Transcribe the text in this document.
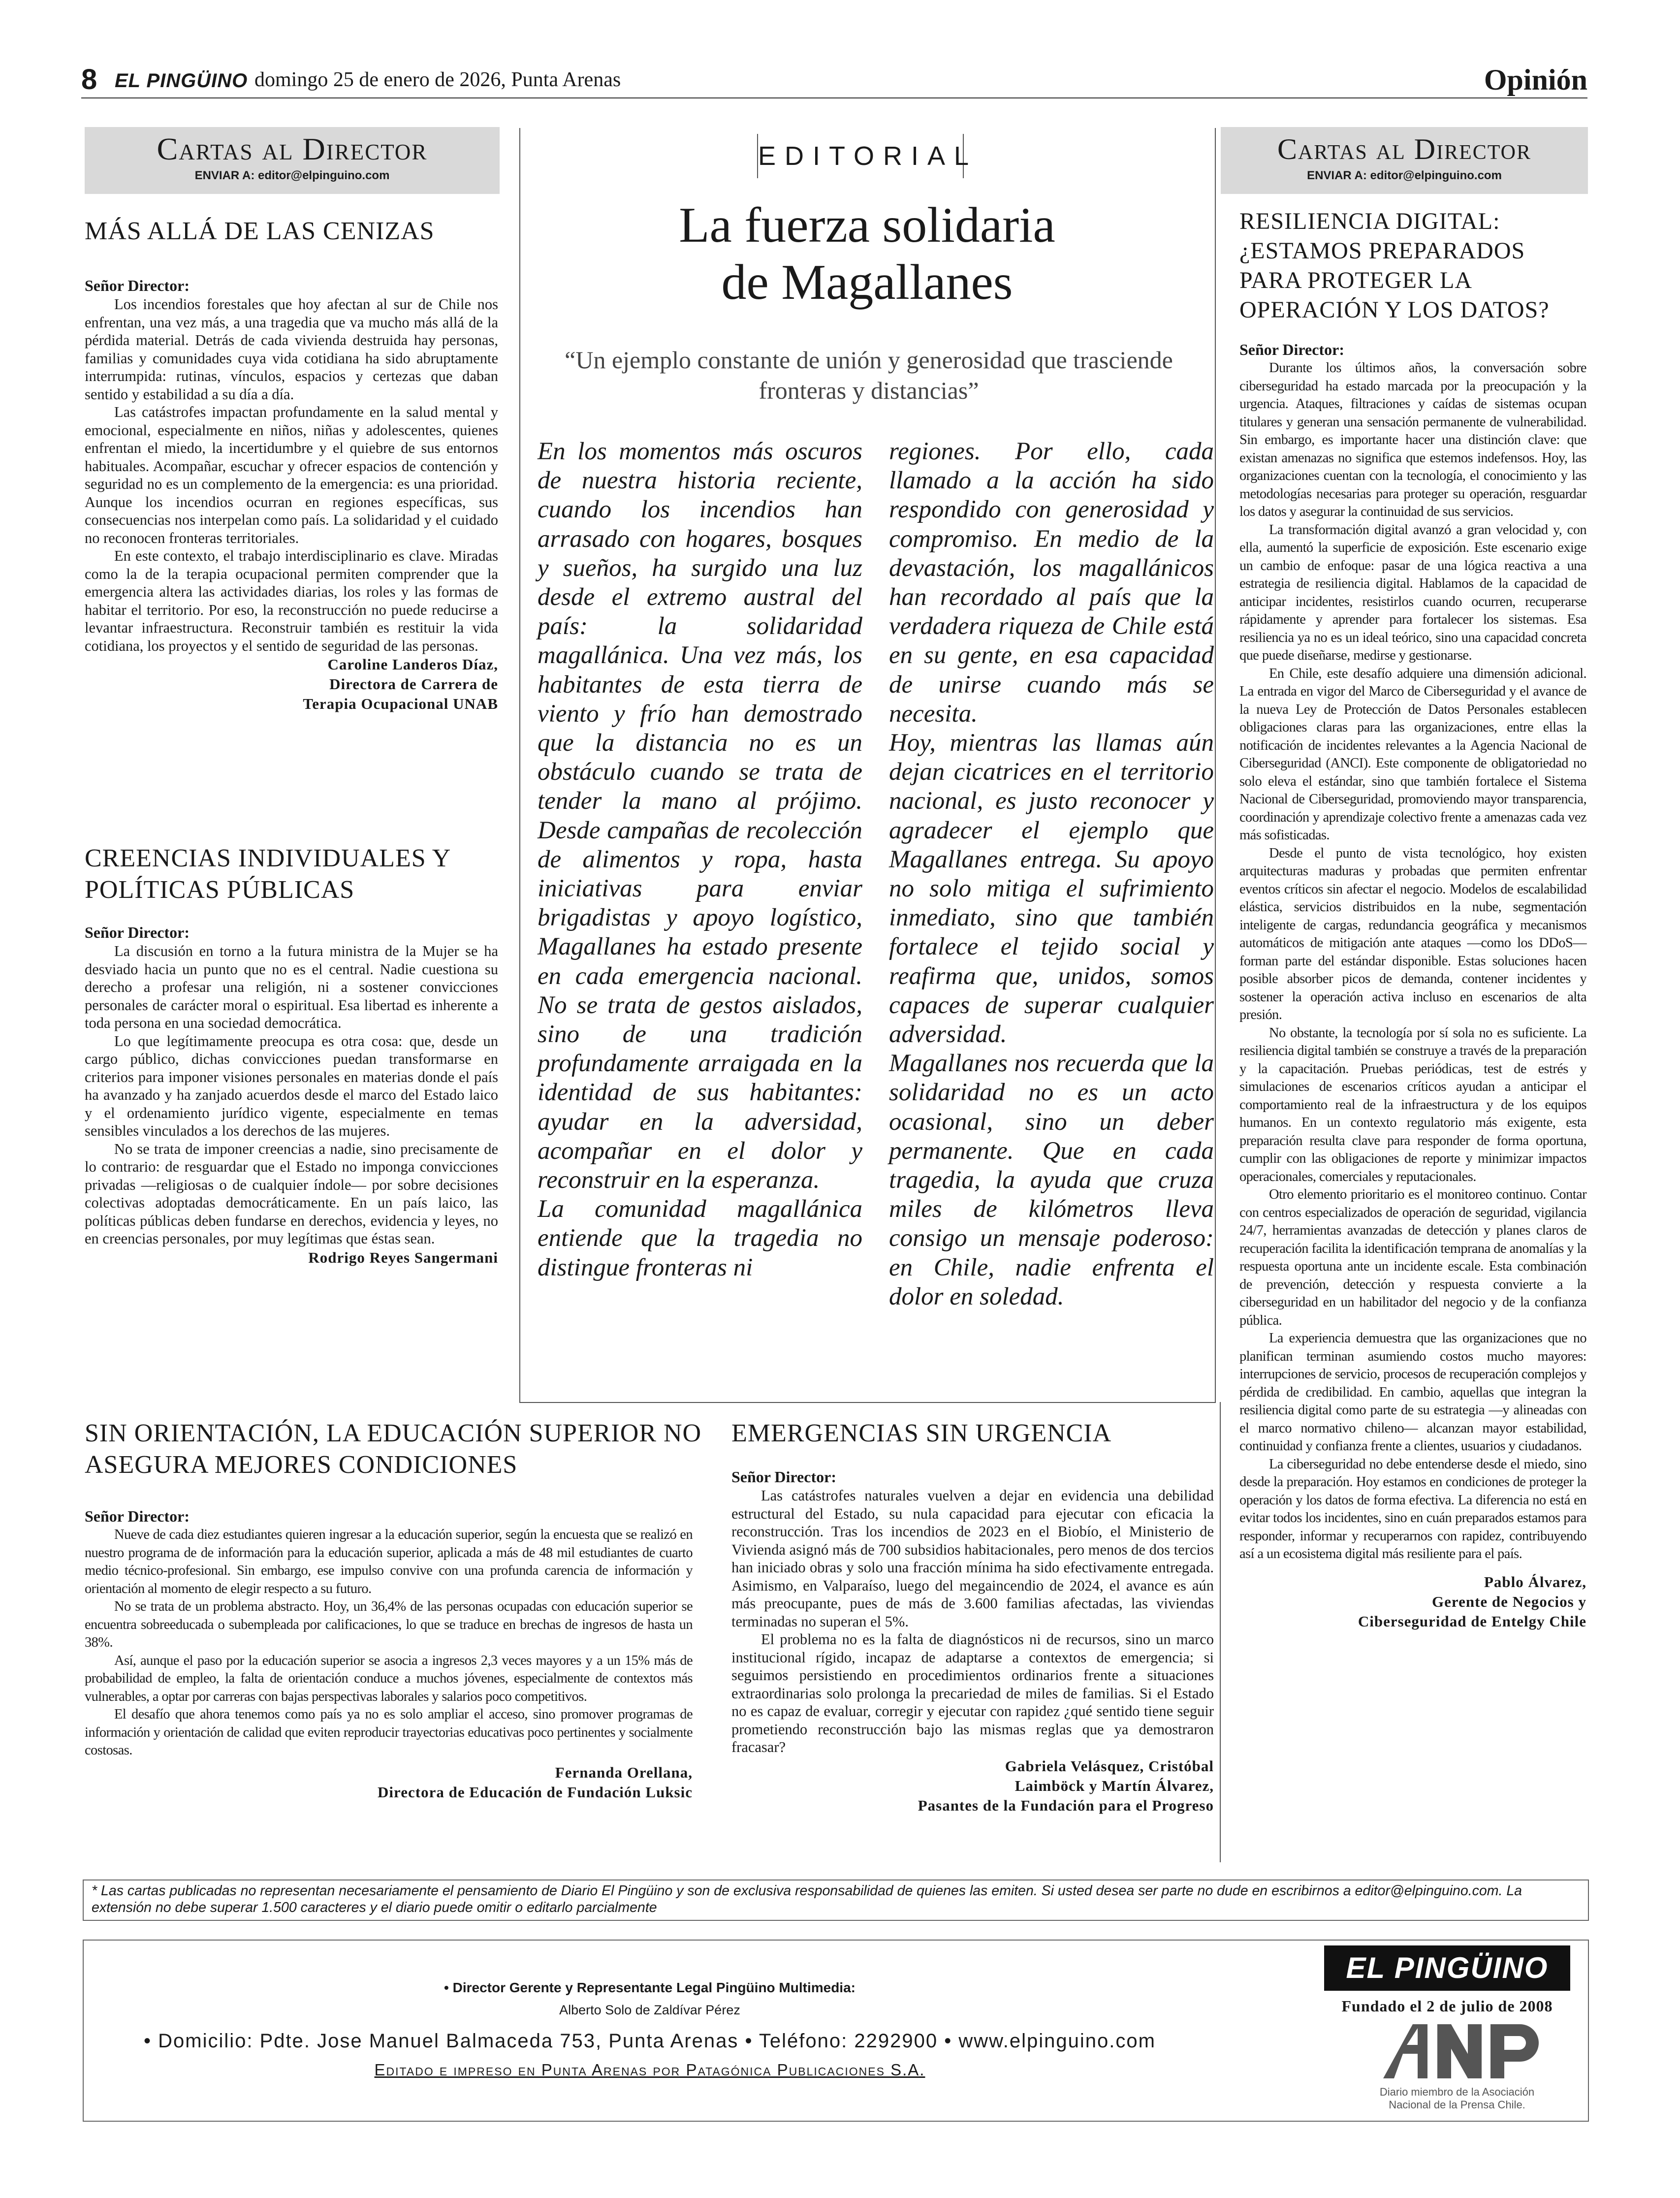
8 EL PINGÜINO domingo 25 de enero de 2026, Punta Arenas	Opinión
Cartas al Director
ENVIAR A: editor@elpinguino.com
MÁS ALLÁ DE LAS CENIZAS
Señor Director:

Los incendios forestales que hoy afectan al sur de Chile nos enfrentan, una vez más, a una tragedia que va mucho más allá de la pérdida material. Detrás de cada vivienda destruida hay personas, familias y comunidades cuya vida cotidiana ha sido abruptamente interrumpida: rutinas, vínculos, espacios y certezas que daban sentido y estabilidad a su día a día.

Las catástrofes impactan profundamente en la salud mental y emocional, especialmente en niños, niñas y adolescentes, quienes enfrentan el miedo, la incertidumbre y el quiebre de sus entornos habituales. Acompañar, escuchar y ofrecer espacios de contención y seguridad no es un complemento de la emergencia: es una prioridad. Aunque los incendios ocurran en regiones específicas, sus consecuencias nos interpelan como país. La solidaridad y el cuidado no reconocen fronteras territoriales.

En este contexto, el trabajo interdisciplinario es clave. Miradas como la de la terapia ocupacional permiten comprender que la emergencia altera las actividades diarias, los roles y las formas de habitar el territorio. Por eso, la reconstrucción no puede reducirse a levantar infraestructura. Reconstruir también es restituir la vida cotidiana, los proyectos y el sentido de seguridad de las personas.

Caroline Landeros Díaz,
Directora de Carrera de
Terapia Ocupacional UNAB
CREENCIAS INDIVIDUALES Y POLÍTICAS PÚBLICAS
Señor Director:

La discusión en torno a la futura ministra de la Mujer se ha desviado hacia un punto que no es el central. Nadie cuestiona su derecho a profesar una religión, ni a sostener convicciones personales de carácter moral o espiritual. Esa libertad es inherente a toda persona en una sociedad democrática.

Lo que legítimamente preocupa es otra cosa: que, desde un cargo público, dichas convicciones puedan transformarse en criterios para imponer visiones personales en materias donde el país ha avanzado y ha zanjado acuerdos desde el marco del Estado laico y el ordenamiento jurídico vigente, especialmente en temas sensibles vinculados a los derechos de las mujeres.

No se trata de imponer creencias a nadie, sino precisamente de lo contrario: de resguardar que el Estado no imponga convicciones privadas —religiosas o de cualquier índole— por sobre decisiones colectivas adoptadas democráticamente. En un país laico, las políticas públicas deben fundarse en derechos, evidencia y leyes, no en creencias personales, por muy legítimas que éstas sean.

Rodrigo Reyes Sangermani
EDITORIAL
La fuerza solidaria
de Magallanes
“Un ejemplo constante de unión y generosidad que trasciende fronteras y distancias”
En los momentos más oscuros de nuestra historia reciente, cuando los incendios han arrasado con hogares, bosques y sueños, ha surgido una luz desde el extremo austral del país: la solidaridad magallánica. Una vez más, los habitantes de esta tierra de viento y frío han demostrado que la distancia no es un obstáculo cuando se trata de tender la mano al prójimo. Desde campañas de recolección de alimentos y ropa, hasta iniciativas para enviar brigadistas y apoyo logístico, Magallanes ha estado presente en cada emergencia nacional. No se trata de gestos aislados, sino de una tradición profundamente arraigada en la identidad de sus habitantes: ayudar en la adversidad, acompañar en el dolor y reconstruir en la esperanza.
La comunidad magallánica entiende que la tragedia no distingue fronteras ni
regiones. Por ello, cada llamado a la acción ha sido respondido con generosidad y compromiso. En medio de la devastación, los magallánicos han recordado al país que la verdadera riqueza de Chile está en su gente, en esa capacidad de unirse cuando más se necesita.
Hoy, mientras las llamas aún dejan cicatrices en el territorio nacional, es justo reconocer y agradecer el ejemplo que Magallanes entrega. Su apoyo no solo mitiga el sufrimiento inmediato, sino que también fortalece el tejido social y reafirma que, unidos, somos capaces de superar cualquier adversidad.
Magallanes nos recuerda que la solidaridad no es un acto ocasional, sino un deber permanente. Que en cada tragedia, la ayuda que cruza miles de kilómetros lleva consigo un mensaje poderoso: en Chile, nadie enfrenta el dolor en soledad.
Cartas al Director
ENVIAR A: editor@elpinguino.com
RESILIENCIA DIGITAL: ¿ESTAMOS PREPARADOS PARA PROTEGER LA OPERACIÓN Y LOS DATOS?
Señor Director:

Durante los últimos años, la conversación sobre ciberseguridad ha estado marcada por la preocupación y la urgencia. Ataques, filtraciones y caídas de sistemas ocupan titulares y generan una sensación permanente de vulnerabilidad. Sin embargo, es importante hacer una distinción clave: que existan amenazas no significa que estemos indefensos. Hoy, las organizaciones cuentan con la tecnología, el conocimiento y las metodologías necesarias para proteger su operación, resguardar los datos y asegurar la continuidad de sus servicios.

La transformación digital avanzó a gran velocidad y, con ella, aumentó la superficie de exposición. Este escenario exige un cambio de enfoque: pasar de una lógica reactiva a una estrategia de resiliencia digital. Hablamos de la capacidad de anticipar incidentes, resistirlos cuando ocurren, recuperarse rápidamente y aprender para fortalecer los sistemas. Esa resiliencia ya no es un ideal teórico, sino una capacidad concreta que puede diseñarse, medirse y gestionarse.

En Chile, este desafío adquiere una dimensión adicional. La entrada en vigor del Marco de Ciberseguridad y el avance de la nueva Ley de Protección de Datos Personales establecen obligaciones claras para las organizaciones, entre ellas la notificación de incidentes relevantes a la Agencia Nacional de Ciberseguridad (ANCI). Este componente de obligatoriedad no solo eleva el estándar, sino que también fortalece el Sistema Nacional de Ciberseguridad, promoviendo mayor transparencia, coordinación y aprendizaje colectivo frente a amenazas cada vez más sofisticadas.

Desde el punto de vista tecnológico, hoy existen arquitecturas maduras y probadas que permiten enfrentar eventos críticos sin afectar el negocio. Modelos de escalabilidad elástica, servicios distribuidos en la nube, segmentación inteligente de cargas, redundancia geográfica y mecanismos automáticos de mitigación ante ataques —como los DDoS— forman parte del estándar disponible. Estas soluciones hacen posible absorber picos de demanda, contener incidentes y sostener la operación activa incluso en escenarios de alta presión.

No obstante, la tecnología por sí sola no es suficiente. La resiliencia digital también se construye a través de la preparación y la capacitación. Pruebas periódicas, test de estrés y simulaciones de escenarios críticos ayudan a anticipar el comportamiento real de la infraestructura y de los equipos humanos. En un contexto regulatorio más exigente, esta preparación resulta clave para responder de forma oportuna, cumplir con las obligaciones de reporte y minimizar impactos operacionales, comerciales y reputacionales.

Otro elemento prioritario es el monitoreo continuo. Contar con centros especializados de operación de seguridad, vigilancia 24/7, herramientas avanzadas de detección y planes claros de recuperación facilita la identificación temprana de anomalías y la respuesta oportuna ante un incidente escale. Esta combinación de prevención, detección y respuesta convierte a la ciberseguridad en un habilitador del negocio y de la confianza pública.

La experiencia demuestra que las organizaciones que no planifican terminan asumiendo costos mucho mayores: interrupciones de servicio, procesos de recuperación complejos y pérdida de credibilidad. En cambio, aquellas que integran la resiliencia digital como parte de su estrategia —y alineadas con el marco normativo chileno— alcanzan mayor estabilidad, continuidad y confianza frente a clientes, usuarios y ciudadanos.

La ciberseguridad no debe entenderse desde el miedo, sino desde la preparación. Hoy estamos en condiciones de proteger la operación y los datos de forma efectiva. La diferencia no está en evitar todos los incidentes, sino en cuán preparados estamos para responder, informar y recuperarnos con rapidez, contribuyendo así a un ecosistema digital más resiliente para el país.

Pablo Álvarez,
Gerente de Negocios y
Ciberseguridad de Entelgy Chile
SIN ORIENTACIÓN, LA EDUCACIÓN SUPERIOR NO ASEGURA MEJORES CONDICIONES
Señor Director:

Nueve de cada diez estudiantes quieren ingresar a la educación superior, según la encuesta que se realizó en nuestro programa de de información para la educación superior, aplicada a más de 48 mil estudiantes de cuarto medio técnico-profesional. Sin embargo, ese impulso convive con una profunda carencia de información y orientación al momento de elegir respecto a su futuro.

No se trata de un problema abstracto. Hoy, un 36,4% de las personas ocupadas con educación superior se encuentra sobreeducada o subempleada por calificaciones, lo que se traduce en brechas de ingresos de hasta un 38%.

Así, aunque el paso por la educación superior se asocia a ingresos 2,3 veces mayores y a un 15% más de probabilidad de empleo, la falta de orientación conduce a muchos jóvenes, especialmente de contextos más vulnerables, a optar por carreras con bajas perspectivas laborales y salarios poco competitivos.

El desafío que ahora tenemos como país ya no es solo ampliar el acceso, sino promover programas de información y orientación de calidad que eviten reproducir trayectorias educativas poco pertinentes y socialmente costosas.

Fernanda Orellana,
Directora de Educación de Fundación Luksic
EMERGENCIAS SIN URGENCIA
Señor Director:

Las catástrofes naturales vuelven a dejar en evidencia una debilidad estructural del Estado, su nula capacidad para ejecutar con eficacia la reconstrucción. Tras los incendios de 2023 en el Biobío, el Ministerio de Vivienda asignó más de 700 subsidios habitacionales, pero menos de dos tercios han iniciado obras y solo una fracción mínima ha sido efectivamente entregada. Asimismo, en Valparaíso, luego del megaincendio de 2024, el avance es aún más preocupante, pues de más de 3.600 familias afectadas, las viviendas terminadas no superan el 5%.

El problema no es la falta de diagnósticos ni de recursos, sino un marco institucional rígido, incapaz de adaptarse a contextos de emergencia; si seguimos persistiendo en procedimientos ordinarios frente a situaciones extraordinarias solo prolonga la precariedad de miles de familias. Si el Estado no es capaz de evaluar, corregir y ejecutar con rapidez ¿qué sentido tiene seguir prometiendo reconstrucción bajo las mismas reglas que ya demostraron fracasar?

Gabriela Velásquez, Cristóbal
Laimböck y Martín Álvarez,
Pasantes de la Fundación para el Progreso
* Las cartas publicadas no representan necesariamente el pensamiento de Diario El Pingüino y son de exclusiva responsabilidad de quienes las emiten. Si usted desea ser parte no dude en escribirnos a editor@elpinguino.com. La extensión no debe superar 1.500 caracteres y el diario puede omitir o editarlo parcialmente
• Director Gerente y Representante Legal Pingüino Multimedia:
Alberto Solo de Zaldívar Pérez
• Domicilio: Pdte. Jose Manuel Balmaceda 753, Punta Arenas • Teléfono: 2292900 • www.elpinguino.com
Editado e impreso en Punta Arenas por Patagónica Publicaciones S.A.
EL PINGÜINO
Fundado el 2 de julio de 2008
ANP
Diario miembro de la Asociación
Nacional de la Prensa Chile.
